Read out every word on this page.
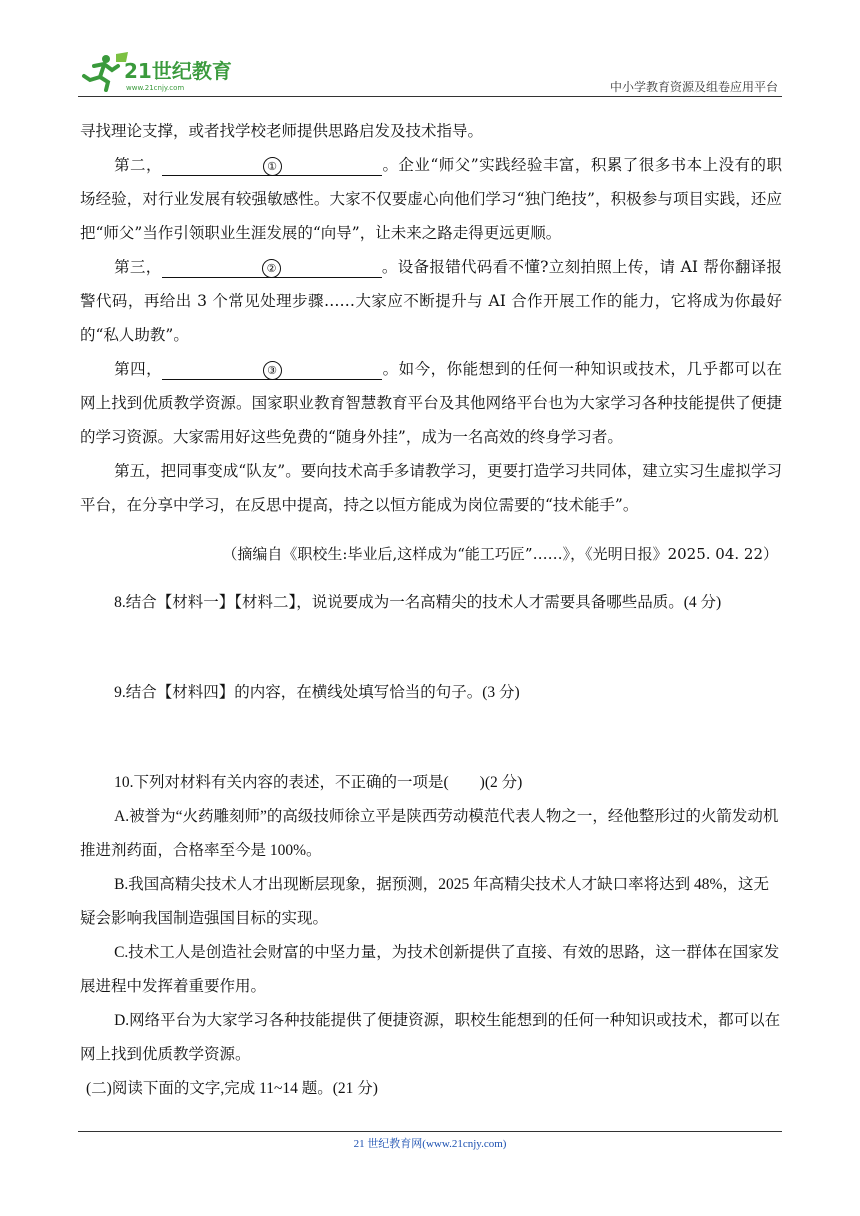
21世纪教育
www.21cnjy.com	中小学教育资源及组卷应用平台

寻找理论支撑，或者找学校老师提供思路启发及技术指导。

第二，	①	。企业“师父”实践经验丰富，积累了很多书本上没有的职场经验，对行业发展有较强敏感性。大家不仅要虚心向他们学习“独门绝技”，积极参与项目实践，还应把“师父”当作引领职业生涯发展的“向导”，让未来之路走得更远更顺。

第三，	②	。设备报错代码看不懂?立刻拍照上传，请 AI 帮你翻译报警代码，再给出 3 个常见处理步骤……大家应不断提升与 AI 合作开展工作的能力，它将成为你最好的“私人助教”。

第四，	③	。如今，你能想到的任何一种知识或技术，几乎都可以在网上找到优质教学资源。国家职业教育智慧教育平台及其他网络平台也为大家学习各种技能提供了便捷的学习资源。大家需用好这些免费的“随身外挂”，成为一名高效的终身学习者。

第五，把同事变成“队友”。要向技术高手多请教学习，更要打造学习共同体，建立实习生虚拟学习平台，在分享中学习，在反思中提高，持之以恒方能成为岗位需要的“技术能手”。

（摘编自《职校生:毕业后,这样成为“能工巧匠”……》，《光明日报》2025. 04. 22）

8.结合【材料一】【材料二】，说说要成为一名高精尖的技术人才需要具备哪些品质。(4 分)

9.结合【材料四】的内容，在横线处填写恰当的句子。(3 分)

10.下列对材料有关内容的表述，不正确的一项是(　　)(2 分)

A.被誉为“火药雕刻师”的高级技师徐立平是陕西劳动模范代表人物之一，经他整形过的火箭发动机推进剂药面，合格率至今是 100%。

B.我国高精尖技术人才出现断层现象，据预测，2025 年高精尖技术人才缺口率将达到 48%，这无疑会影响我国制造强国目标的实现。

C.技术工人是创造社会财富的中坚力量，为技术创新提供了直接、有效的思路，这一群体在国家发展进程中发挥着重要作用。

D.网络平台为大家学习各种技能提供了便捷资源，职校生能想到的任何一种知识或技术，都可以在网上找到优质教学资源。

(二)阅读下面的文字,完成 11~14 题。(21 分)

21 世纪教育网(www.21cnjy.com)
